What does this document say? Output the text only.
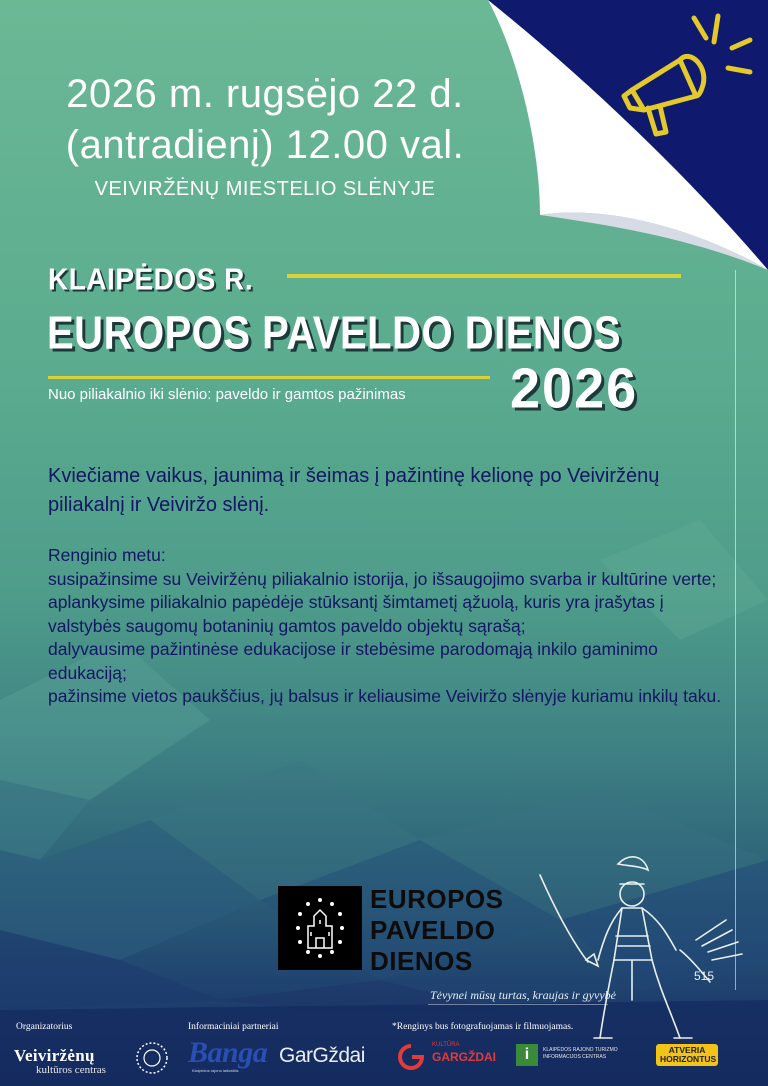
2026 m. rugsėjo 22 d.
(antradienį) 12.00 val.
VEIVIRŽĖNŲ MIESTELIO SLĖNYJE
KLAIPĖDOS R.
EUROPOS PAVELDO DIENOS
Nuo piliakalnio iki slėnio: paveldo ir gamtos pažinimas 2026
Kviečiame vaikus, jaunimą ir šeimas į pažintinę kelionę po Veiviržėnų piliakalnį ir Veiviržo slėnį.

Renginio metu:

susipažinsime su Veiviržėnų piliakalnio istorija, jo išsaugojimo svarba ir kultūrine verte;

aplankysime piliakalnio papėdėje stūksantį šimtametį ąžuolą, kuris yra įrašytas į valstybės saugomų botaninių gamtos paveldo objektų sąrašą;

dalyvausime pažintinėse edukacijose ir stebėsime parodomąją inkilo gaminimo edukaciją;

pažinsime vietos paukščius, jų balsus ir keliausime Veiviržo slėnyje kuriamu inkilų taku.

EUROPOS
PAVELDO
DIENOS	515
Tėvynei mūsų turtas, kraujas ir gyvybė
Organizatorius	Informaciniai partneriai	*Renginys bus fotografuojamas ir filmuojamas.
Veiviržėnų
kultūros centras
Banga
Klaipėdos rajono laikraštis
GarGždai	KULTŪRA
GARGŽDAI	i	KLAIPĖDOS RAJONO TURIZMO INFORMACIJOS CENTRAS
ATVERIA
HORIZONTUS
